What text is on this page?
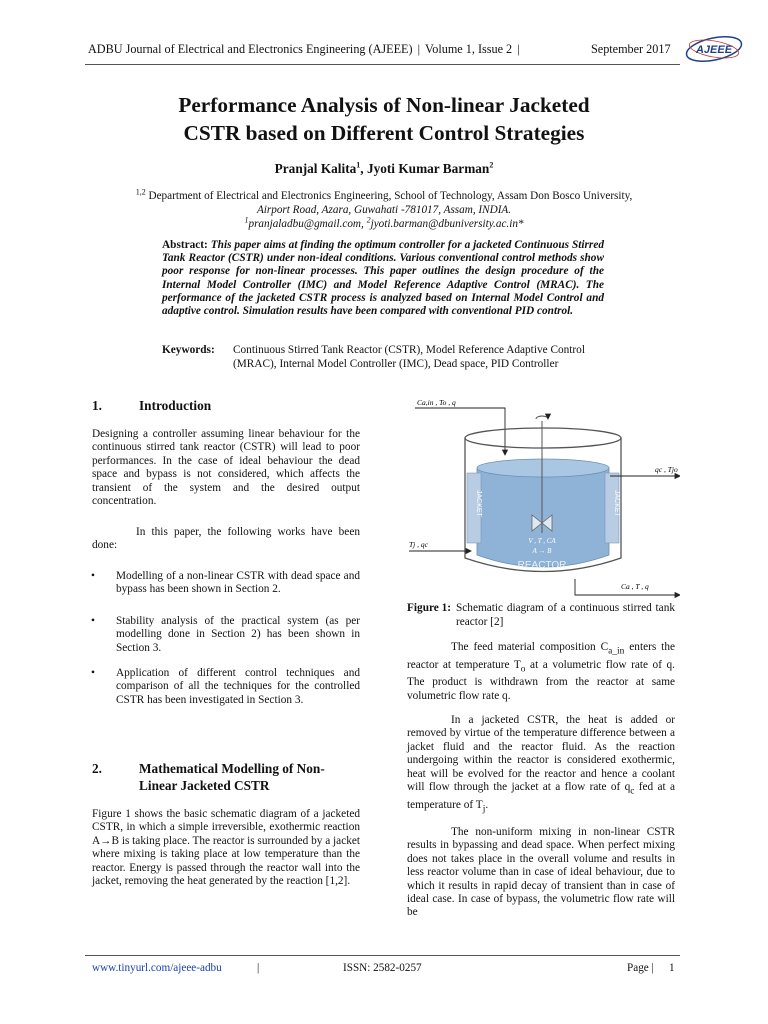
ADBU Journal of Electrical and Electronics Engineering (AJEEE) | Volume 1, Issue 2 |	September 2017 AJEEE
Performance Analysis of Non-linear Jacketed
CSTR based on Different Control Strategies
Pranjal Kalita$^1$, Jyoti Kumar Barman$^2$
$^{1,2}$ Department of Electrical and Electronics Engineering, School of Technology, Assam Don Bosco University,
Airport Road, Azara, Guwahati -781017, Assam, INDIA.
$^1$pranjaladbu@gmail.com, $^2$jyoti.barman@dbuniversity.ac.in*
Abstract: This paper aims at finding the optimum controller for a jacketed Continuous Stirred Tank Reactor (CSTR) under non-ideal conditions. Various conventional control methods show poor response for non-linear processes. This paper outlines the design procedure of the Internal Model Controller (IMC) and Model Reference Adaptive Control (MRAC). The performance of the jacketed CSTR process is analyzed based on Internal Model Control and adaptive control. Simulation results have been compared with conventional PID control.
Keywords: Continuous Stirred Tank Reactor (CSTR), Model Reference Adaptive Control (MRAC), Internal Model Controller (IMC), Dead space, PID Controller
1.	Introduction
Designing a controller assuming linear behaviour for the continuous stirred tank reactor (CSTR) will lead to poor performances. In the case of ideal behaviour the dead space and bypass is not considered, which affects the transient of the system and the desired output concentration.
In this paper, the following works have been done:
• Modelling of a non-linear CSTR with dead space and bypass has been shown in Section 2.
• Stability analysis of the practical system (as per modelling done in Section 2) has been shown in Section 3.
• Application of different control techniques and comparison of all the techniques for the controlled CSTR has been investigated in Section 3.
2.	Mathematical Modelling of Non-
Linear Jacketed CSTR
Figure 1 shows the basic schematic diagram of a jacketed CSTR, in which a simple irreversible, exothermic reaction A→B is taking place. The reactor is surrounded by a jacket where mixing is taking place at low temperature than the reactor. Energy is passed through the reactor wall into the jacket, removing the heat generated by the reaction [1,2].
Ca,in , To , q
JACKET	JACKET
V , T , CA
A → B
REACTOR
qc , Tjo
Tj , qc
Ca , T , q
Figure 1: Schematic diagram of a continuous stirred tank reactor [2]
The feed material composition $C_{a\_in}$ enters the reactor at temperature $T_o$ at a volumetric flow rate of q. The product is withdrawn from the reactor at same volumetric flow rate q.
In a jacketed CSTR, the heat is added or removed by virtue of the temperature difference between a jacket fluid and the reactor fluid. As the reaction undergoing within the reactor is considered exothermic, heat will be evolved for the reactor and hence a coolant will flow through the jacket at a flow rate of $q_c$ fed at a temperature of $T_j$.
The non-uniform mixing in non-linear CSTR results in bypassing and dead space. When perfect mixing does not takes place in the overall volume and results in less reactor volume than in case of ideal behaviour, due to which it results in rapid decay of transient than in case of ideal case. In case of bypass, the volumetric flow rate will be
www.tinyurl.com/ajeee-adbu	|	ISSN: 2582-0257	Page | 1
